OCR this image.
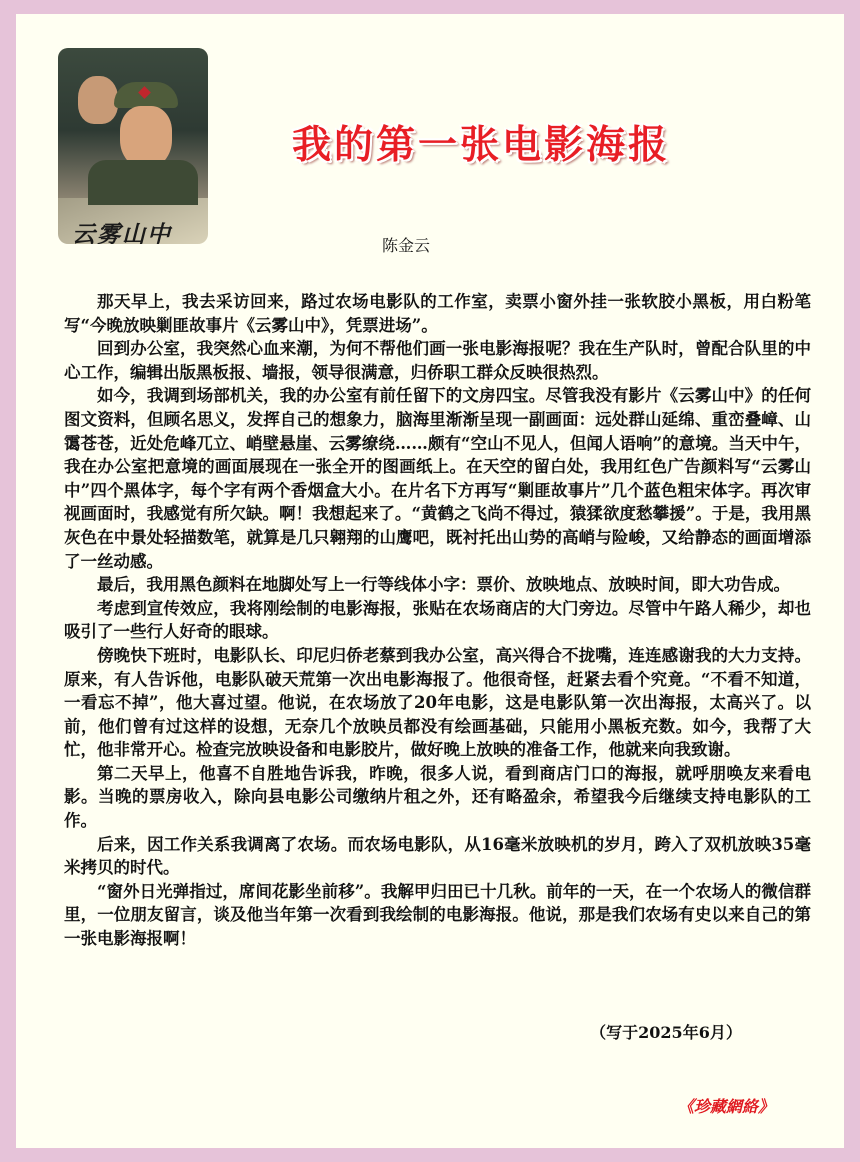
云雾山中
我的第一张电影海报
陈金云

那天早上，我去采访回来，路过农场电影队的工作室，卖票小窗外挂一张软胶小黑板，用白粉笔写“今晚放映剿匪故事片《云雾山中》，凭票进场”。

回到办公室，我突然心血来潮，为何不帮他们画一张电影海报呢？我在生产队时，曾配合队里的中心工作，编辑出版黑板报、墙报，领导很满意，归侨职工群众反映很热烈。

如今，我调到场部机关，我的办公室有前任留下的文房四宝。尽管我没有影片《云雾山中》的任何图文资料，但顾名思义，发挥自己的想象力，脑海里渐渐呈现一副画面：远处群山延绵、重峦叠嶂、山霭苍苍，近处危峰兀立、峭壁悬崖、云雾缭绕……颇有“空山不见人，但闻人语响”的意境。当天中午，我在办公室把意境的画面展现在一张全开的图画纸上。在天空的留白处，我用红色广告颜料写“云雾山中”四个黑体字，每个字有两个香烟盒大小。在片名下方再写“剿匪故事片”几个蓝色粗宋体字。再次审视画面时，我感觉有所欠缺。啊！我想起来了。“黄鹤之飞尚不得过，猿猱欲度愁攀援”。于是，我用黑灰色在中景处轻描数笔，就算是几只翱翔的山鹰吧，既衬托出山势的高峭与险峻，又给静态的画面增添了一丝动感。

最后，我用黑色颜料在地脚处写上一行等线体小字：票价、放映地点、放映时间，即大功告成。

考虑到宣传效应，我将刚绘制的电影海报，张贴在农场商店的大门旁边。尽管中午路人稀少，却也吸引了一些行人好奇的眼球。

傍晚快下班时，电影队长、印尼归侨老蔡到我办公室，高兴得合不拢嘴，连连感谢我的大力支持。原来，有人告诉他，电影队破天荒第一次出电影海报了。他很奇怪，赶紧去看个究竟。“不看不知道，一看忘不掉”，他大喜过望。他说，在农场放了20年电影，这是电影队第一次出海报，太高兴了。以前，他们曾有过这样的设想，无奈几个放映员都没有绘画基础，只能用小黑板充数。如今，我帮了大忙，他非常开心。检查完放映设备和电影胶片，做好晚上放映的准备工作，他就来向我致谢。

第二天早上，他喜不自胜地告诉我，昨晚，很多人说，看到商店门口的海报，就呼朋唤友来看电影。当晚的票房收入，除向县电影公司缴纳片租之外，还有略盈余，希望我今后继续支持电影队的工作。

后来，因工作关系我调离了农场。而农场电影队，从16毫米放映机的岁月，跨入了双机放映35毫米拷贝的时代。

“窗外日光弹指过，席间花影坐前移”。我解甲归田已十几秋。前年的一天，在一个农场人的微信群里，一位朋友留言，谈及他当年第一次看到我绘制的电影海报。他说，那是我们农场有史以来自己的第一张电影海报啊！

（写于2025年6月）
《珍藏網絡》
